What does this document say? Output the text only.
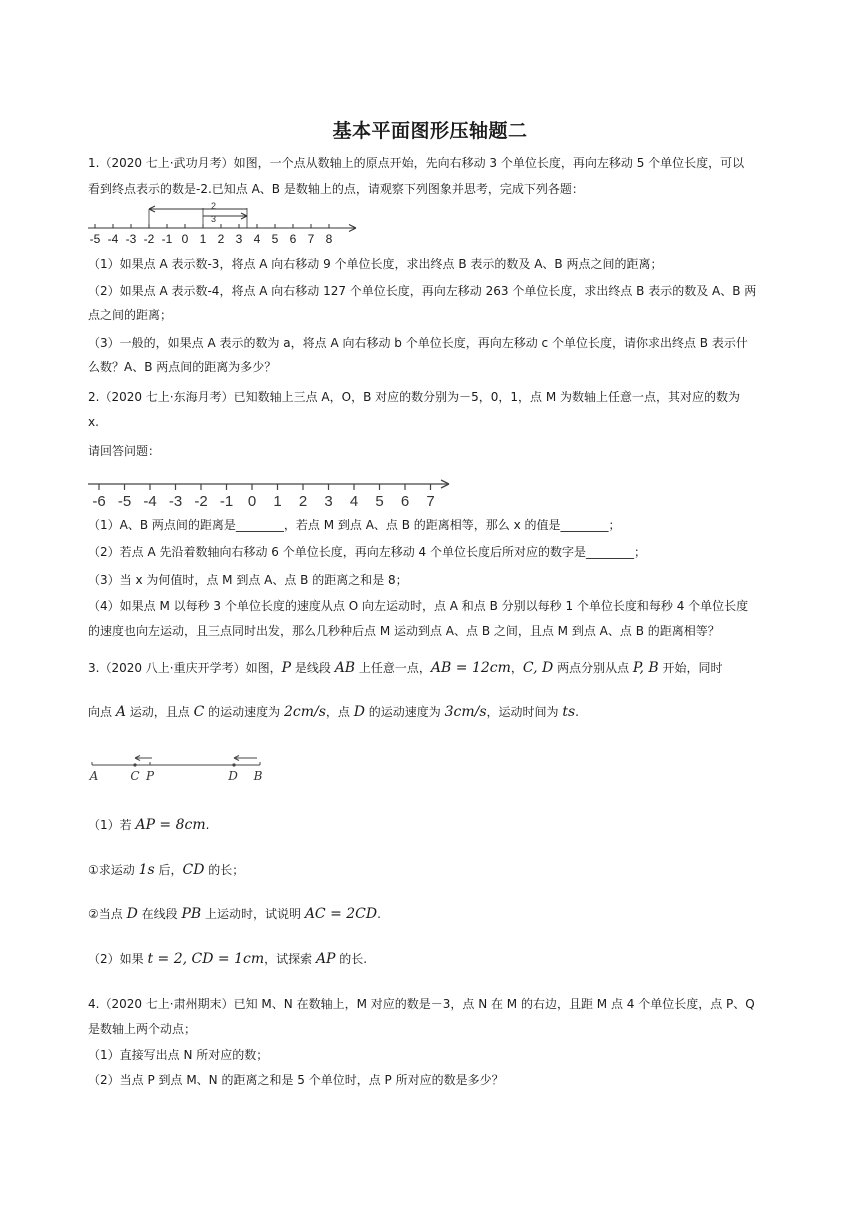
基本平面图形压轴题二
1.（2020 七上·武功月考）如图，一个点从数轴上的原点开始，先向右移动 3 个单位长度，再向左移动 5 个单位长度，可以
看到终点表示的数是-2.已知点 A、B 是数轴上的点，请观察下列图象并思考，完成下列各题：
2
3
-5 -4 -3 -2 -1 0 1 2 3 4 5 6 7 8
（1）如果点 A 表示数-3，将点 A 向右移动 9 个单位长度，求出终点 B 表示的数及 A、B 两点之间的距离；
（2）如果点 A 表示数-4，将点 A 向右移动 127 个单位长度，再向左移动 263 个单位长度，求出终点 B 表示的数及 A、B 两
点之间的距离；
（3）一般的，如果点 A 表示的数为 a，将点 A 向右移动 b 个单位长度，再向左移动 c 个单位长度，请你求出终点 B 表示什
么数？A、B 两点间的距离为多少？
2.（2020 七上·东海月考）已知数轴上三点 A，O，B 对应的数分别为－5，0，1，点 M 为数轴上任意一点，其对应的数为
x.
请回答问题：
-6 -5 -4 -3 -2 -1 0 1 2 3 4 5 6 7
（1）A、B 两点间的距离是________，若点 M 到点 A、点 B 的距离相等，那么 x 的值是________；
（2）若点 A 先沿着数轴向右移动 6 个单位长度，再向左移动 4 个单位长度后所对应的数字是________；
（3）当 x 为何值时，点 M 到点 A、点 B 的距离之和是 8；
（4）如果点 M 以每秒 3 个单位长度的速度从点 O 向左运动时，点 A 和点 B 分别以每秒 1 个单位长度和每秒 4 个单位长度
的速度也向左运动，且三点同时出发，那么几秒种后点 M 运动到点 A、点 B 之间，且点 M 到点 A、点 B 的距离相等？
3.（2020 八上·重庆开学考）如图，P 是线段 AB 上任意一点，AB = 12cm，C, D 两点分别从点 P, B 开始，同时
向点 A 运动，且点 C 的运动速度为 2cm/s，点 D 的运动速度为 3cm/s，运动时间为 ts.
A	C P	D B
（1）若 AP = 8cm.
①求运动 1s 后，CD 的长；
②当点 D 在线段 PB 上运动时，试说明 AC = 2CD.
（2）如果 t = 2, CD = 1cm，试探索 AP 的长.
4.（2020 七上·肃州期末）已知 M、N 在数轴上，M 对应的数是－3，点 N 在 M 的右边，且距 M 点 4 个单位长度，点 P、Q
是数轴上两个动点；
（1）直接写出点 N 所对应的数；
（2）当点 P 到点 M、N 的距离之和是 5 个单位时，点 P 所对应的数是多少？
